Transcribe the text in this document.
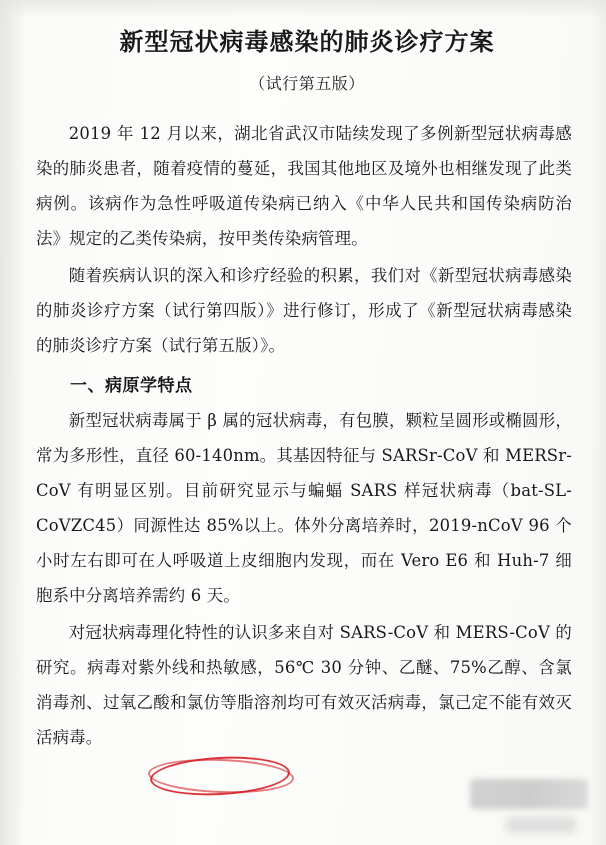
新型冠状病毒感染的肺炎诊疗方案
（试行第五版）

2019 年 12 月以来，湖北省武汉市陆续发现了多例新型冠状病毒感染的肺炎患者，随着疫情的蔓延，我国其他地区及境外也相继发现了此类病例。该病作为急性呼吸道传染病已纳入《中华人民共和国传染病防治法》规定的乙类传染病，按甲类传染病管理。

随着疾病认识的深入和诊疗经验的积累，我们对《新型冠状病毒感染的肺炎诊疗方案（试行第四版）》进行修订，形成了《新型冠状病毒感染的肺炎诊疗方案（试行第五版）》。

一、病原学特点

新型冠状病毒属于 β 属的冠状病毒，有包膜，颗粒呈圆形或椭圆形，常为多形性，直径 60-140nm。其基因特征与 SARSr-CoV 和 MERSr-CoV 有明显区别。目前研究显示与蝙蝠 SARS 样冠状病毒（bat-SL-CoVZC45）同源性达 85%以上。体外分离培养时，2019-nCoV 96 个小时左右即可在人呼吸道上皮细胞内发现，而在 Vero E6 和 Huh-7 细胞系中分离培养需约 6 天。

对冠状病毒理化特性的认识多来自对 SARS-CoV 和 MERS-CoV 的研究。病毒对紫外线和热敏感，56℃ 30 分钟、乙醚、75%乙醇、含氯消毒剂、过氧乙酸和氯仿等脂溶剂均可有效灭活病毒，氯己定不能有效灭活病毒。
